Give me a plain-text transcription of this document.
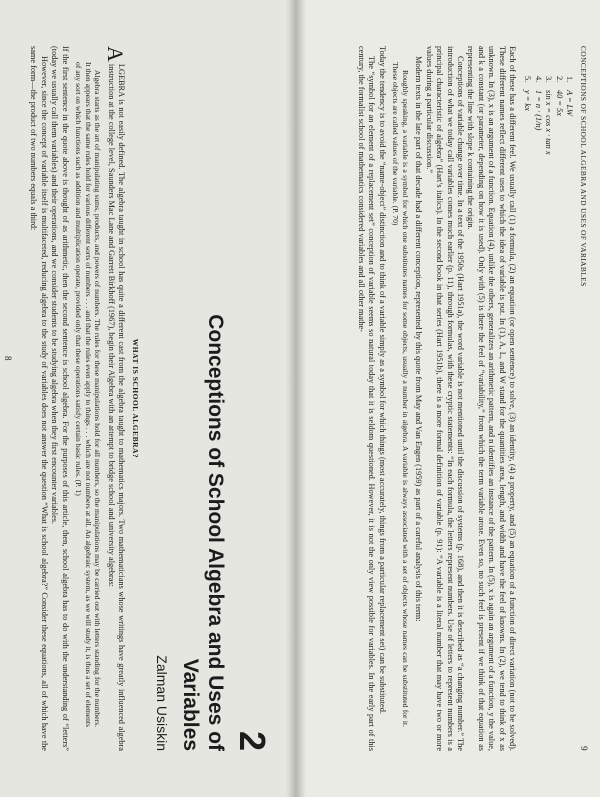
2
Conceptions of School Algebra and Uses of Variables
Zalman Usiskin
WHAT IS SCHOOL ALGEBRA?

A
LGEBRA is not easily defined. The algebra taught in school has quite a different cast from the algebra taught to mathematics majors. Two mathematicians whose writings have greatly influenced algebra instruction at the college level, Saunders Mac Lane and Garrett Birkhoff (1967), begin their Algebra with an attempt to bridge school and university algebras:

Algebra starts as the art of manipulating sums, products, and powers of numbers. The rules for these manipulations hold for all numbers, so the manipulations may be carried out with letters standing for the numbers. It then appears that the same rules hold for various different sorts of numbers . . . and that the rules even apply to things . . . which are not numbers at all. An algebraic system, as we will study it, is thus a set of elements of any sort on which functions such as addition and multiplication operate, provided only that these operations satisfy certain basic rules. (P. 1)

If the first sentence in the quote above is thought of as arithmetic, then the second sentence is school algebra. For the purposes of this article, then, school algebra has to do with the understanding of “letters” (today we usually call them variables) and their operations, and we consider students to be studying algebra when they first encounter variables.

However, since the concept of variable itself is multifaceted, reducing algebra to the study of variables does not answer the question “What is school algebra?” Consider these equations, all of which have the same form—the product of two numbers equals a third:

8
CONCEPTIONS OF SCHOOL ALGEBRA AND USES OF VARIABLES
9
1.A = LW
2.40 = 5x
3.sin x = cos x · tan x
4.1 = n · (1/n)
5.y = kx

Each of these has a different feel. We usually call (1) a formula, (2) an equation (or open sentence) to solve, (3) an identity, (4) a property, and (5) an equation of a function of direct variation (not to be solved). These different names reflect different uses to which the idea of variable is put. In (1), A, L, and W stand for the quantities area, length, and width and have the feel of knowns. In (2), we tend to think of x as unknown. In (3), x is an argument of a function. Equation (4), unlike the others, generalizes an arithmetic pattern, and n identifies an instance of the pattern. In (5), x is again an argument of a function, y the value, and k a constant (or parameter, depending on how it is used). Only with (5) is there the feel of “variability,” from which the term variable arose. Even so, no such feel is present if we think of that equation as representing the line with slope k containing the origin.

Conceptions of variable change over time. In a text of the 1950s (Hart 1951a), the word variable is not mentioned until the discussion of systems (p. 168), and then it is described as “a changing number.” The introduction of what we today call variables comes much earlier (p. 11), through formulas, with these cryptic statements: “In each formula, the letters represent numbers. Use of letters to represent numbers is a principal characteristic of algebra” (Hart’s italics). In the second book in that series (Hart 1951b), there is a more formal definition of variable (p. 91): “A variable is a literal number that may have two or more values during a particular discussion.”

Modern texts in the late part of that decade had a different conception, represented by this quote from May and Van Engen (1959) as part of a careful analysis of this term:

Roughly speaking, a variable is a symbol for which one substitutes names for some objects, usually a number in algebra. A variable is always associated with a set of objects whose names can be substituted for it. These objects are called values of the variable. (P. 70)

Today the tendency is to avoid the “name-object” distinction and to think of a variable simply as a symbol for which things (most accurately, things from a particular replacement set) can be substituted.

The “symbol for an element of a replacement set” conception of variable seems so natural today that it is seldom questioned. However, it is not the only view possible for variables. In the early part of this century, the formalist school of mathematics considered variables and all other mathe-
